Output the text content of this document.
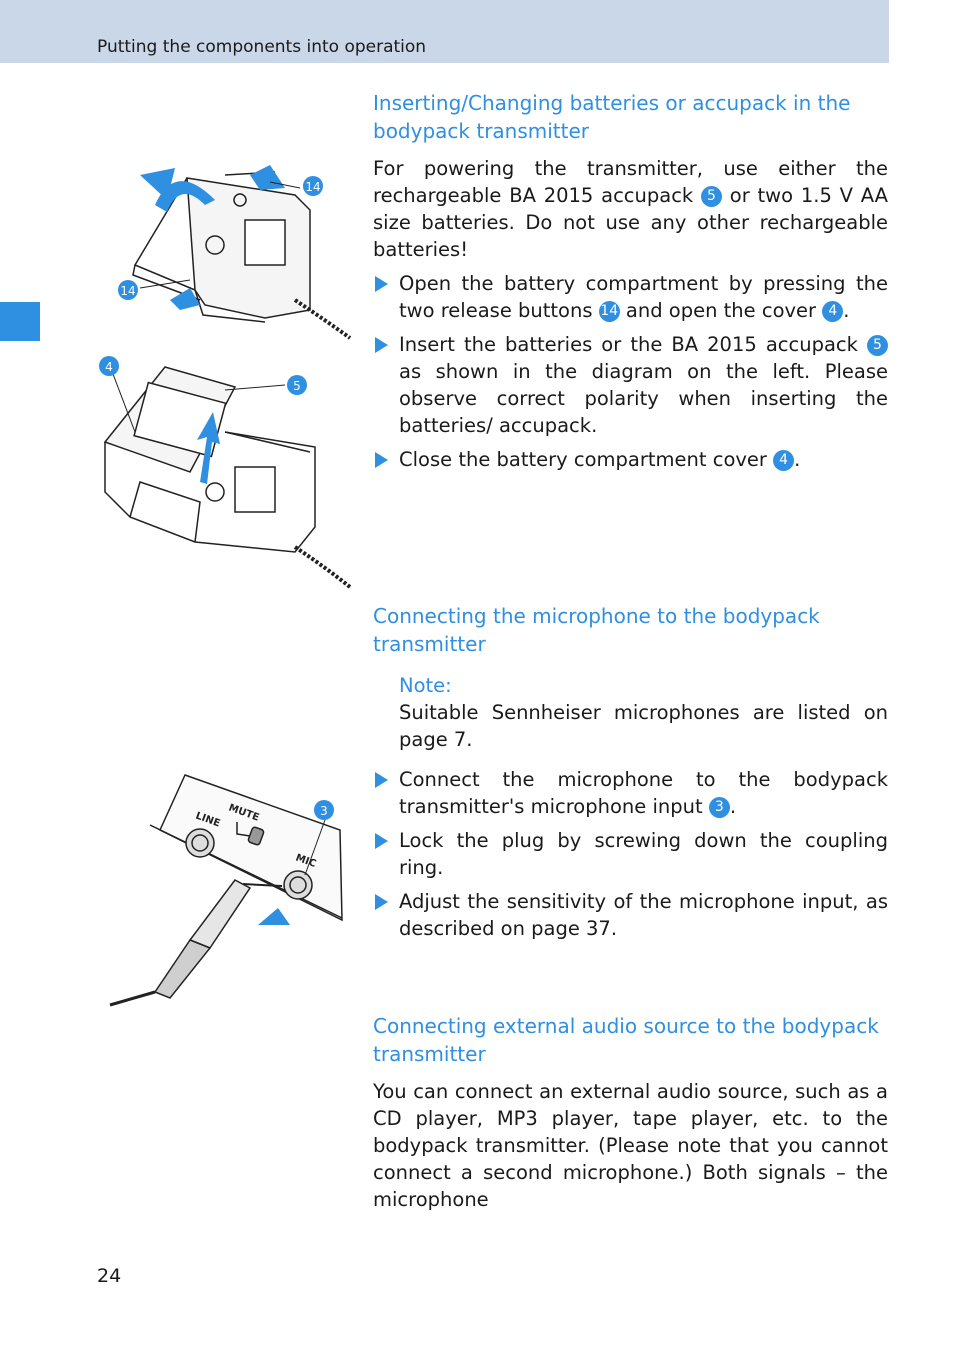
Putting the components into operation
14
14
4
5
LINE MUTE
MIC
3
Inserting/Changing batteries or accupack in the bodypack transmitter

For powering the transmitter, use either the rechargeable BA 2015 accupack 5 or two 1.5 V AA size batteries. Do not use any other rechargeable batteries!

Open the battery compartment by pressing the two release buttons 14 and open the cover 4 .

Insert the batteries or the BA 2015 accupack 5 as shown in the diagram on the left. Please observe correct polarity when inserting the batteries/ accupack.

Close the battery compartment cover 4 .

Connecting the microphone to the bodypack transmitter
Note:

Suitable Sennheiser microphones are listed on page 7.

Connect the microphone to the bodypack transmitter's microphone input 3 .

Lock the plug by screwing down the coupling ring.

Adjust the sensitivity of the microphone input, as described on page 37.

Connecting external audio source to the bodypack transmitter

You can connect an external audio source, such as a CD player, MP3 player, tape player, etc. to the bodypack transmitter. (Please note that you cannot connect a second microphone.) Both signals – the microphone

24
